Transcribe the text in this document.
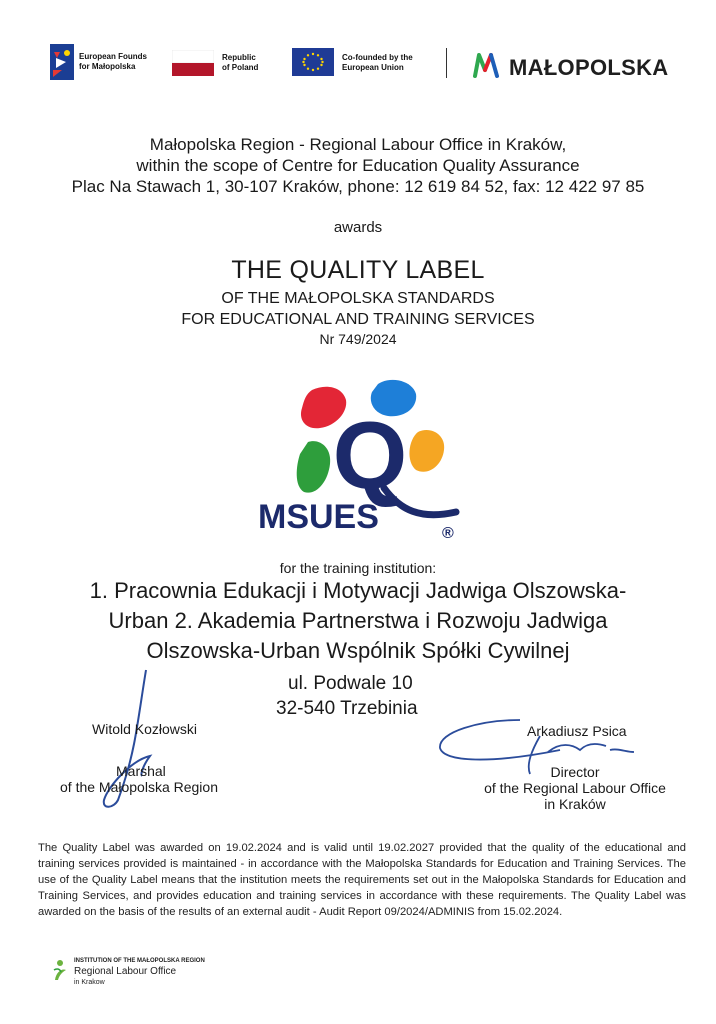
European Founds
for Małopolska
Republic
of Poland
Co-founded by the
European Union	MAŁOPOLSKA
Małopolska Region - Regional Labour Office in Kraków,
within the scope of Centre for Education Quality Assurance
Plac Na Stawach 1, 30-107 Kraków, phone: 12 619 84 52, fax: 12 422 97 85
awards
THE QUALITY LABEL
OF THE MAŁOPOLSKA STANDARDS
FOR EDUCATIONAL AND TRAINING SERVICES
Nr 749/2024
Q
MSUES	®
for the training institution:
1. Pracownia Edukacji i Motywacji Jadwiga Olszowska-
Urban 2. Akademia Partnerstwa i Rozwoju Jadwiga
Olszowska-Urban Wspólnik Spółki Cywilnej
ul. Podwale 10
32-540 Trzebinia
Witold Kozłowski
Marshal
of the Małopolska Region
Arkadiusz Psica
Director
of the Regional Labour Office
in Kraków
The Quality Label was awarded on 19.02.2024 and is valid until 19.02.2027 provided that the quality of the educational and training services provided is maintained - in accordance with the Małopolska Standards for Education and Training Services. The use of the Quality Label means that the institution meets the requirements set out in the Małopolska Standards for Education and Training Services, and provides education and training services in accordance with these requirements. The Quality Label was awarded on the basis of the results of an external audit - Audit Report 09/2024/ADMINIS from 15.02.2024.
INSTITUTION OF THE MAŁOPOLSKA REGION
Regional Labour Office
in Krakow
